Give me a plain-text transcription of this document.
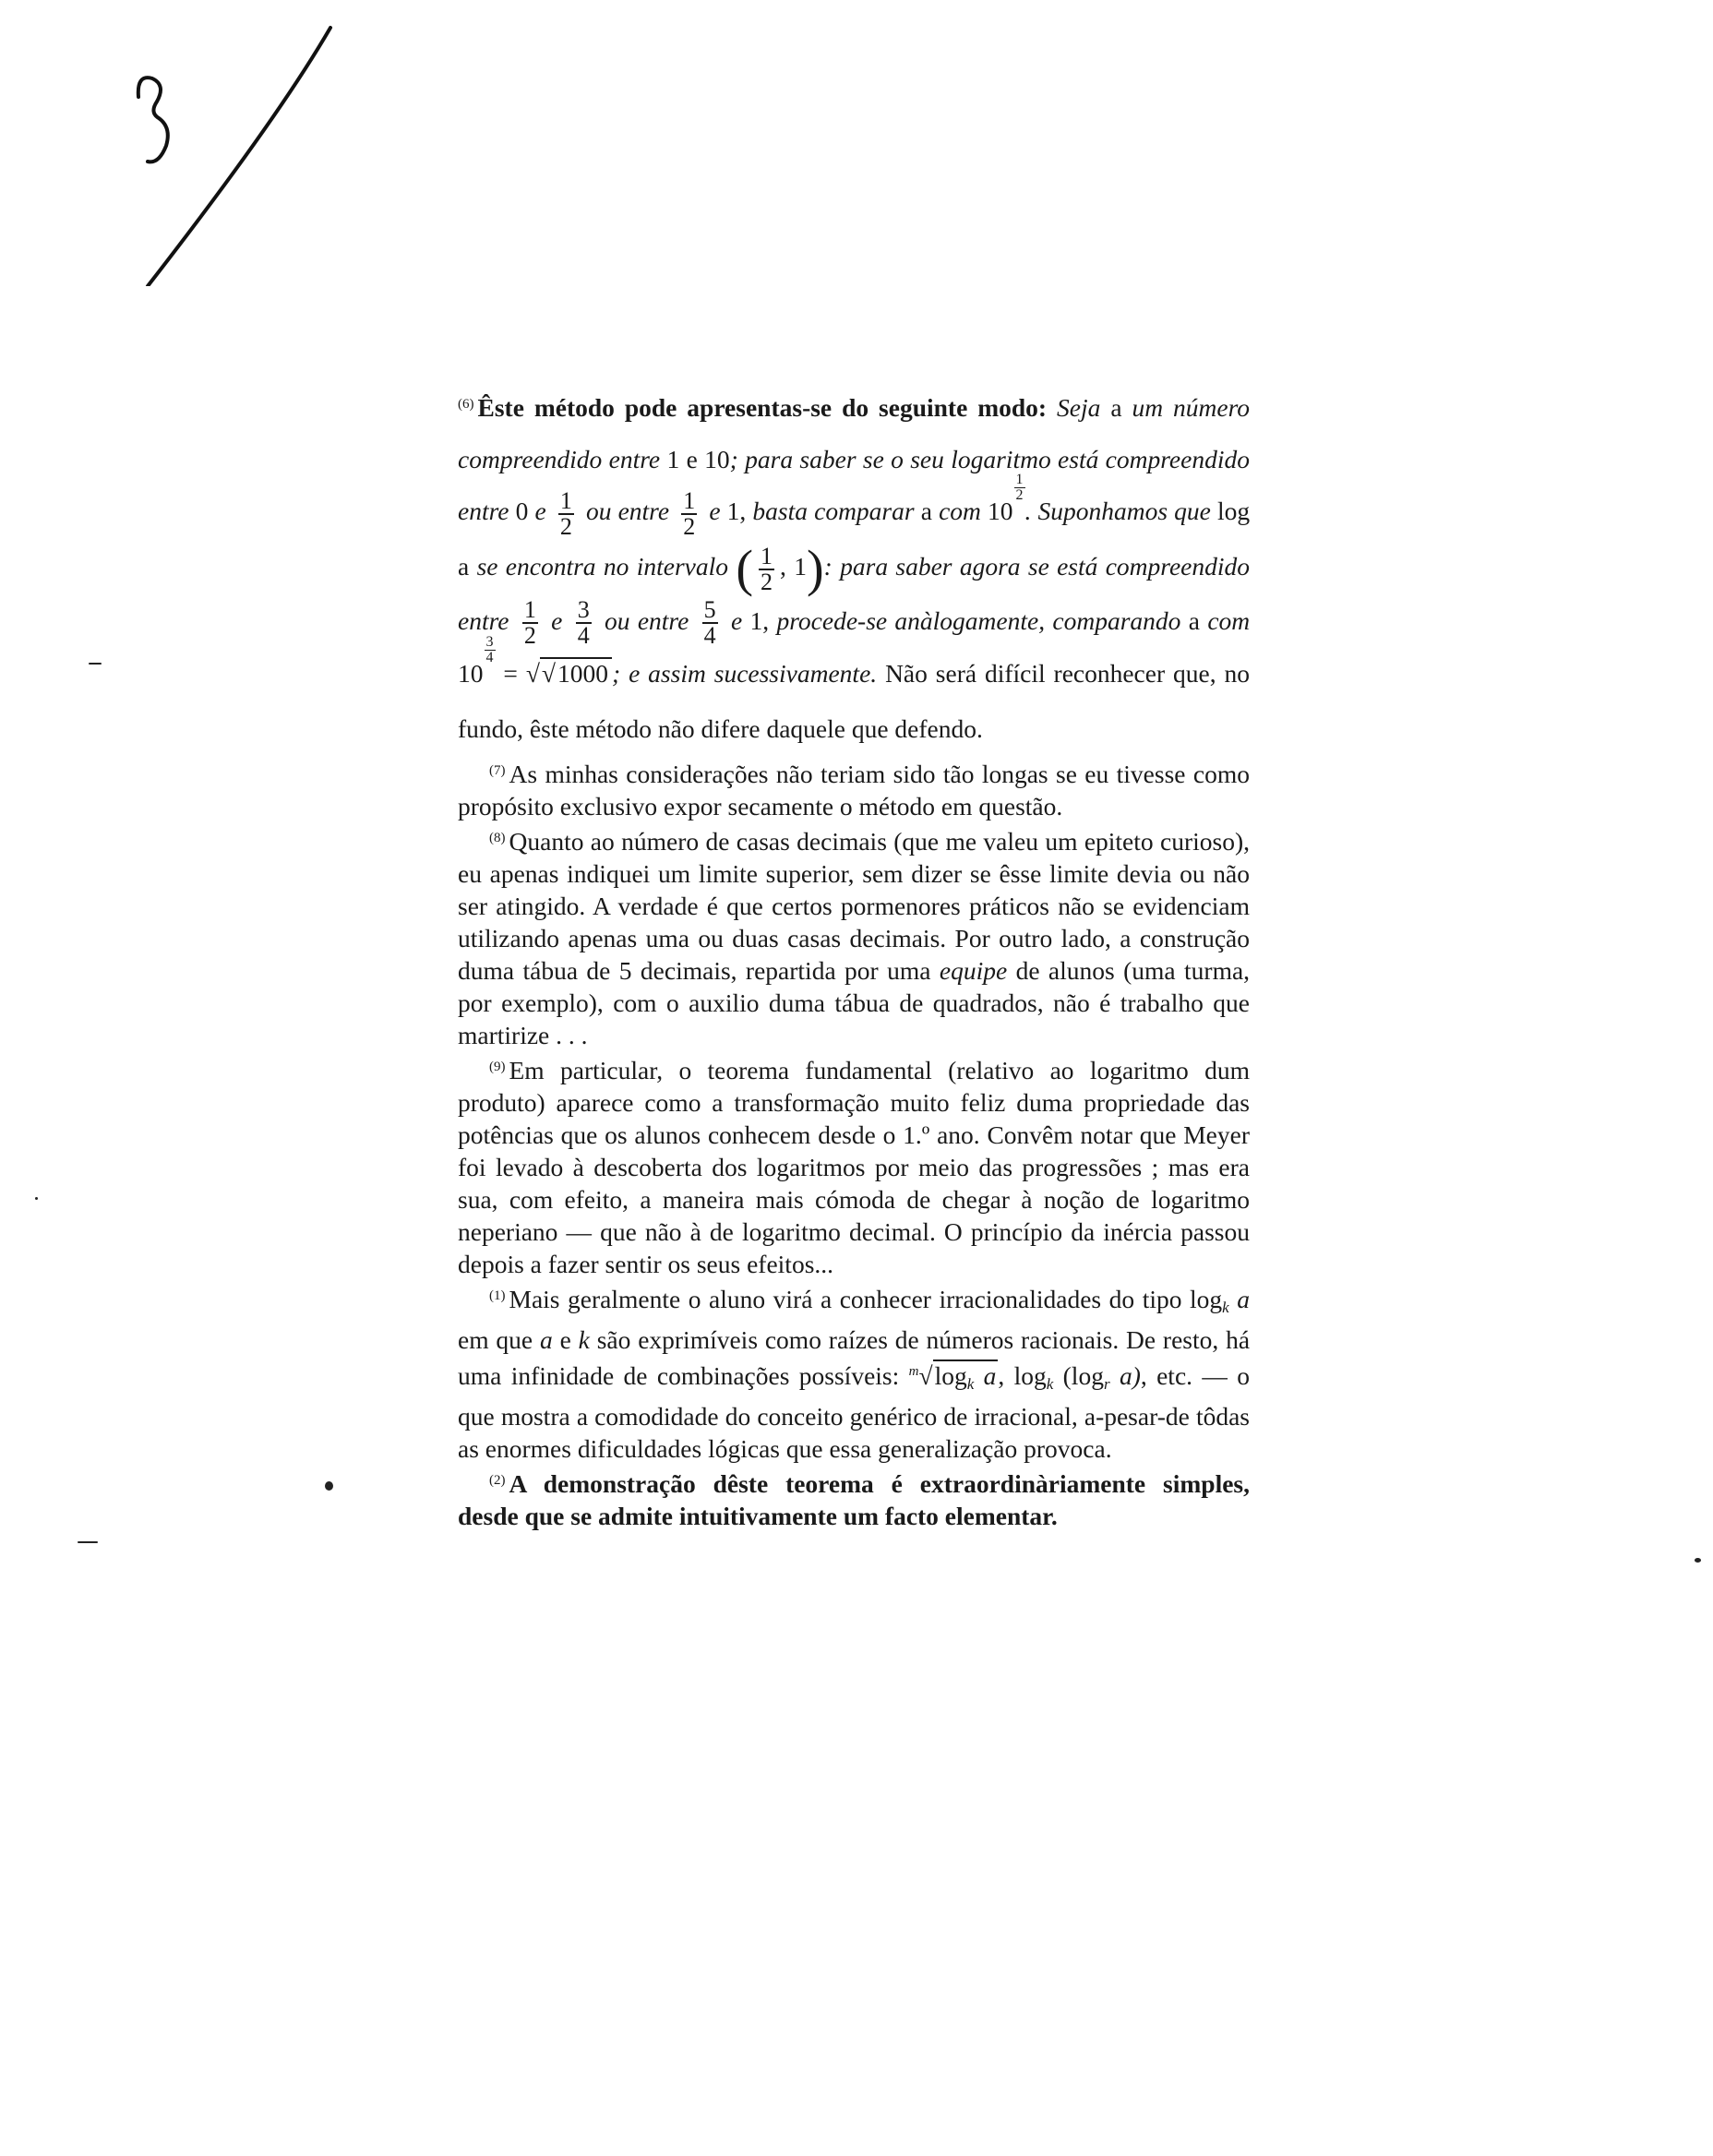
$^{(6)}$ Êste método pode apresentas-se do seguinte modo: Seja a um número compreendido entre 1 e 10; para saber se o seu logaritmo está compreendido entre 0 e $\frac{1}{2}$ ou entre $\frac{1}{2}$ e 1, basta comparar a com 10
$\frac{1}{2}$
. Suponhamos que log a se encontra no intervalo ( $\frac{1}{2}$ , 1): para saber agora se está compreendido entre $\frac{1}{2}$ e $\frac{3}{4}$ ou entre $\frac{5}{4}$ e 1, procede-se anàlogamente, comparando a com 10
$\frac{3}{4}$
= √√1000 ; e assim sucessivamente. Não será difícil reconhecer que, no fundo, êste método não difere daquele que defendo.

$^{(7)}$ As minhas considerações não teriam sido tão longas se eu tivesse como propósito exclusivo expor secamente o método em questão.

$^{(8)}$ Quanto ao número de casas decimais (que me valeu um epiteto curioso), eu apenas indiquei um limite superior, sem dizer se êsse limite devia ou não ser atingido. A verdade é que certos pormenores práticos não se evidenciam utilizando apenas uma ou duas casas decimais. Por outro lado, a construção duma tábua de 5 decimais, repartida por uma equipe de alunos (uma turma, por exemplo), com o auxilio duma tábua de quadrados, não é trabalho que martirize . . .

$^{(9)}$ Em particular, o teorema fundamental (relativo ao logaritmo dum produto) aparece como a transformação muito feliz duma propriedade das potências que os alunos conhecem desde o 1.º ano. Convêm notar que Meyer foi levado à descoberta dos logaritmos por meio das progressões ; mas era sua, com efeito, a maneira mais cómoda de chegar à noção de logaritmo neperiano — que não à de logaritmo decimal. O princípio da inércia passou depois a fazer sentir os seus efeitos...

$^{(1)}$ Mais geralmente o aluno virá a conhecer irracionalidades do tipo $\log_k a$ em que a e k são exprimíveis como raízes de números racionais. De resto, há uma infinidade de combinações possíveis: $^m√\log_k$ a, $\log_k (\log_r$ a), etc. — o que mostra a comodidade do conceito genérico de irracional, a-pesar-de tôdas as enormes dificuldades lógicas que essa generalização provoca.

$^{(2)}$ A demonstração dêste teorema é extraordinàriamente simples, desde que se admite intuitivamente um facto elementar.
